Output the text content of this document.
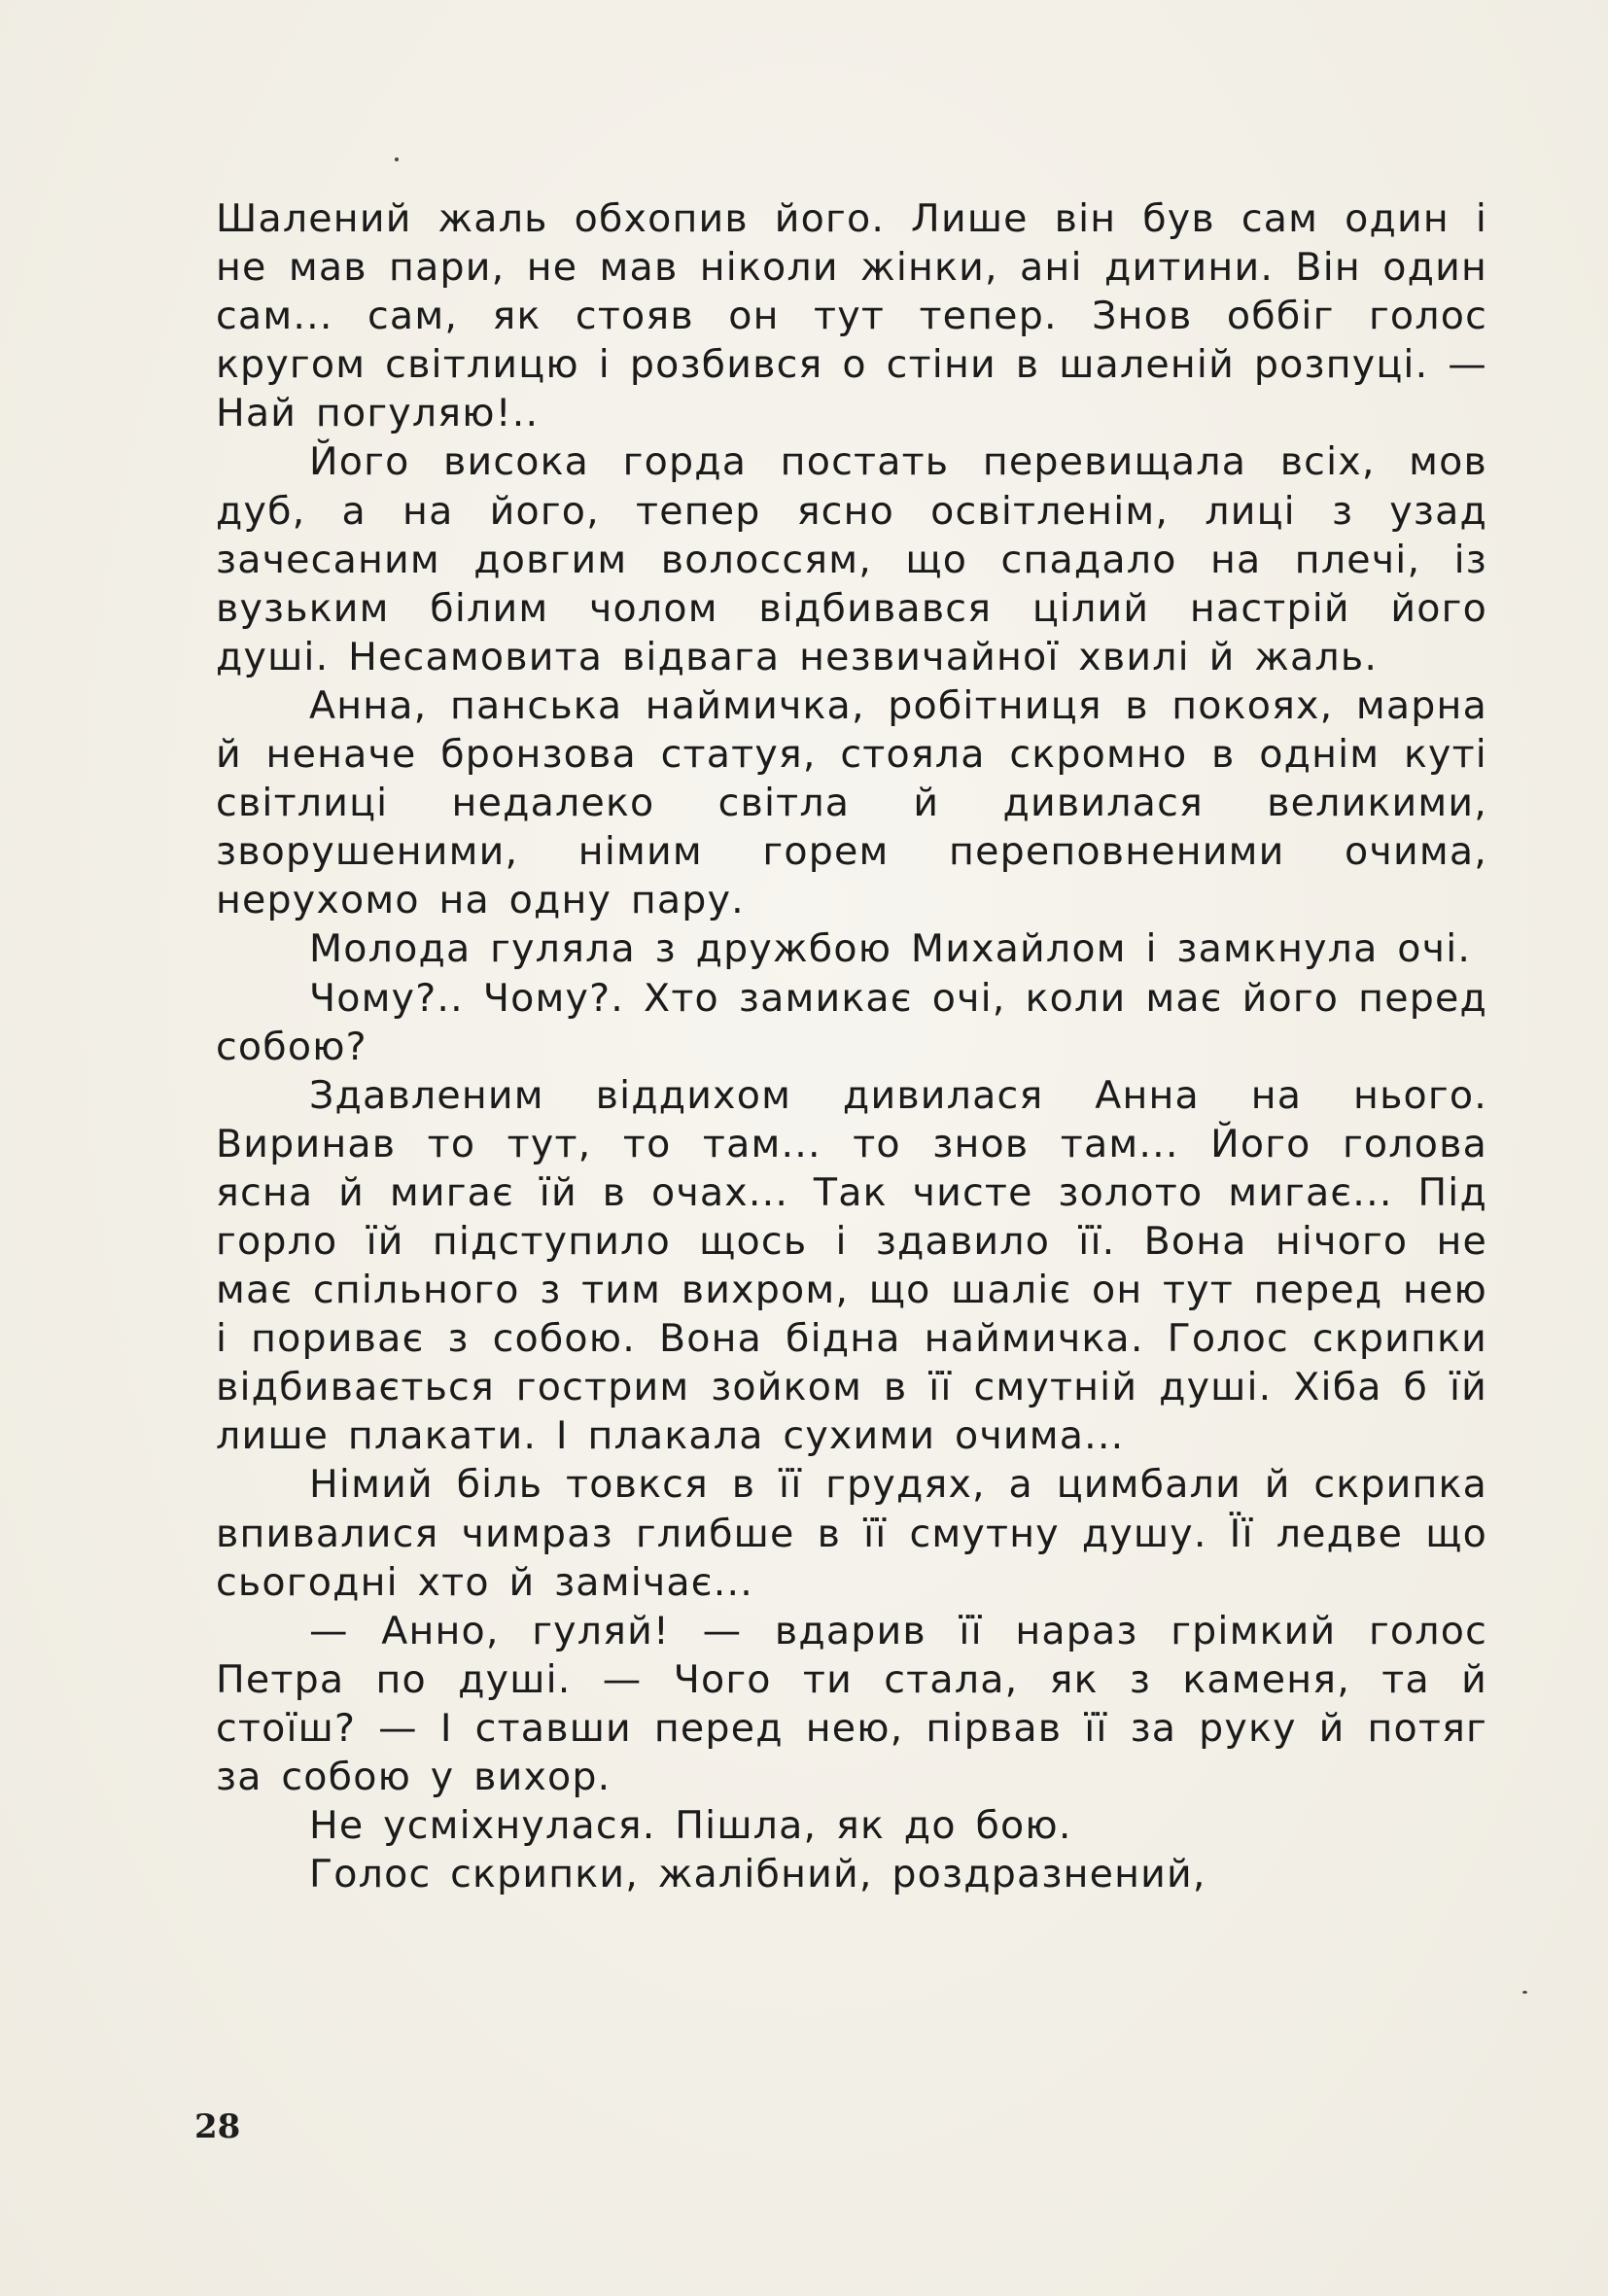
Шалений жаль обхопив його. Лише він був сам один і не мав пари, не мав ніколи жінки, ані дитини. Він один сам... сам, як стояв он тут тепер. Знов оббіг голос кругом світлицю і розбився о стіни в шаленій розпуці. — Най погуляю!..

Його висока горда постать перевищала всіх, мов дуб, а на його, тепер ясно освітленім, лиці з узад зачесаним довгим волоссям, що спадало на плечі, із вузьким білим чолом відбивався цілий настрій його душі. Несамовита відвага незвичайної хвилі й жаль.

Анна, панська наймичка, робітниця в покоях, марна й неначе бронзова статуя, стояла скромно в однім куті світлиці недалеко світла й дивилася великими, зворушеними, німим горем переповненими очима, нерухомо на одну пару.

Молода гуляла з дружбою Михайлом і замкнула очі.

Чому?.. Чому?. Хто замикає очі, коли має його перед собою?

Здавленим віддихом дивилася Анна на нього. Виринав то тут, то там... то знов там... Його голова ясна й мигає їй в очах... Так чисте золото мигає... Під горло їй підступило щось і здавило її. Вона нічого не має спільного з тим вихром, що шаліє он тут перед нею і пориває з собою. Вона бідна наймичка. Голос скрипки відбивається гострим зойком в її смутній душі. Хіба б їй лише плакати. І плакала сухими очима...

Німий біль товкся в її грудях, а цимбали й скрипка впивалися чимраз глибше в її смутну душу. Її ледве що сьогодні хто й замічає...

— Анно, гуляй! — вдарив її нараз грімкий голос Петра по душі. — Чого ти стала, як з каменя, та й стоїш? — І ставши перед нею, пірвав її за руку й потяг за собою у вихор.

Не усміхнулася. Пішла, як до бою.

Голос скрипки, жалібний, роздразнений,

28
